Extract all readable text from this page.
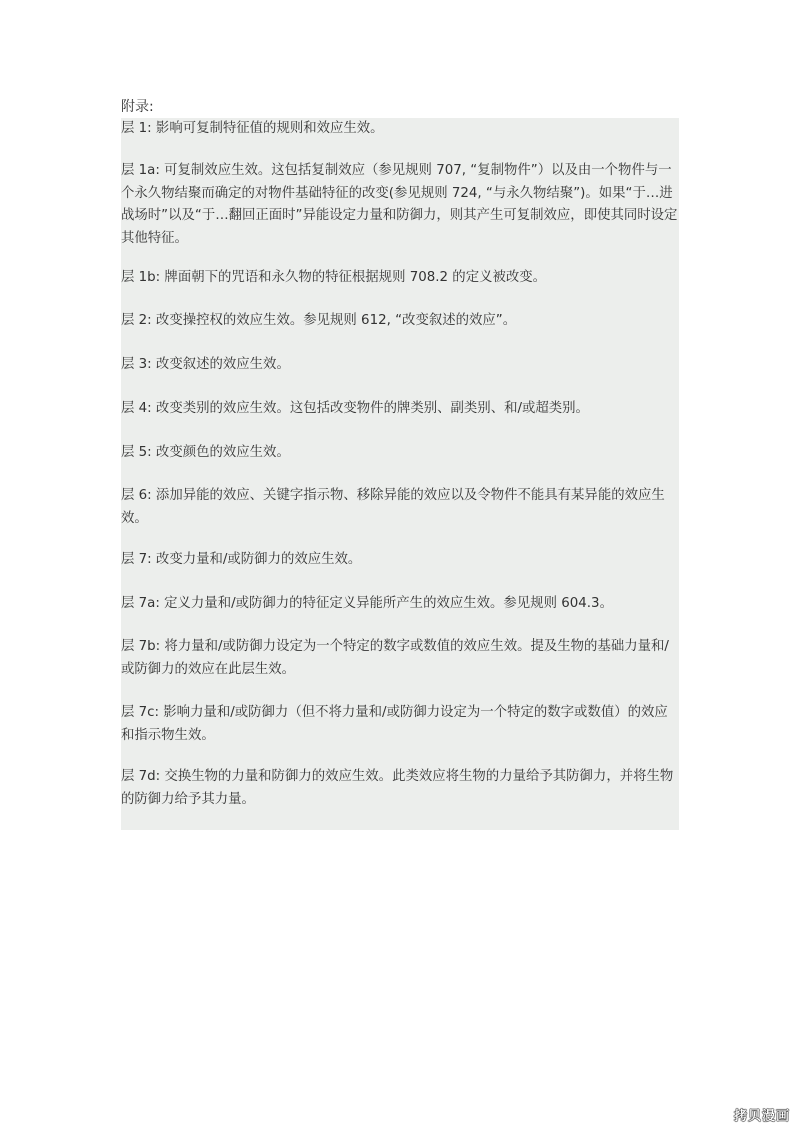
附录:

层 1: 影响可复制特征值的规则和效应生效。

层 1a: 可复制效应生效。这包括复制效应（参见规则 707, “复制物件”）以及由一个物件与一个永久物结聚而确定的对物件基础特征的改变(参见规则 724, “与永久物结聚”)。如果“于…进战场时”以及“于…翻回正面时”异能设定力量和防御力，则其产生可复制效应，即使其同时设定其他特征。

层 1b: 牌面朝下的咒语和永久物的特征根据规则 708.2 的定义被改变。

层 2: 改变操控权的效应生效。参见规则 612, “改变叙述的效应”。

层 3: 改变叙述的效应生效。

层 4: 改变类别的效应生效。这包括改变物件的牌类别、副类别、和/或超类别。

层 5: 改变颜色的效应生效。

层 6: 添加异能的效应、关键字指示物、移除异能的效应以及令物件不能具有某异能的效应生效。

层 7: 改变力量和/或防御力的效应生效。

层 7a: 定义力量和/或防御力的特征定义异能所产生的效应生效。参见规则 604.3。

层 7b: 将力量和/或防御力设定为一个特定的数字或数值的效应生效。提及生物的基础力量和/或防御力的效应在此层生效。

层 7c: 影响力量和/或防御力（但不将力量和/或防御力设定为一个特定的数字或数值）的效应和指示物生效。

层 7d: 交换生物的力量和防御力的效应生效。此类效应将生物的力量给予其防御力，并将生物的防御力给予其力量。

拷贝漫画
